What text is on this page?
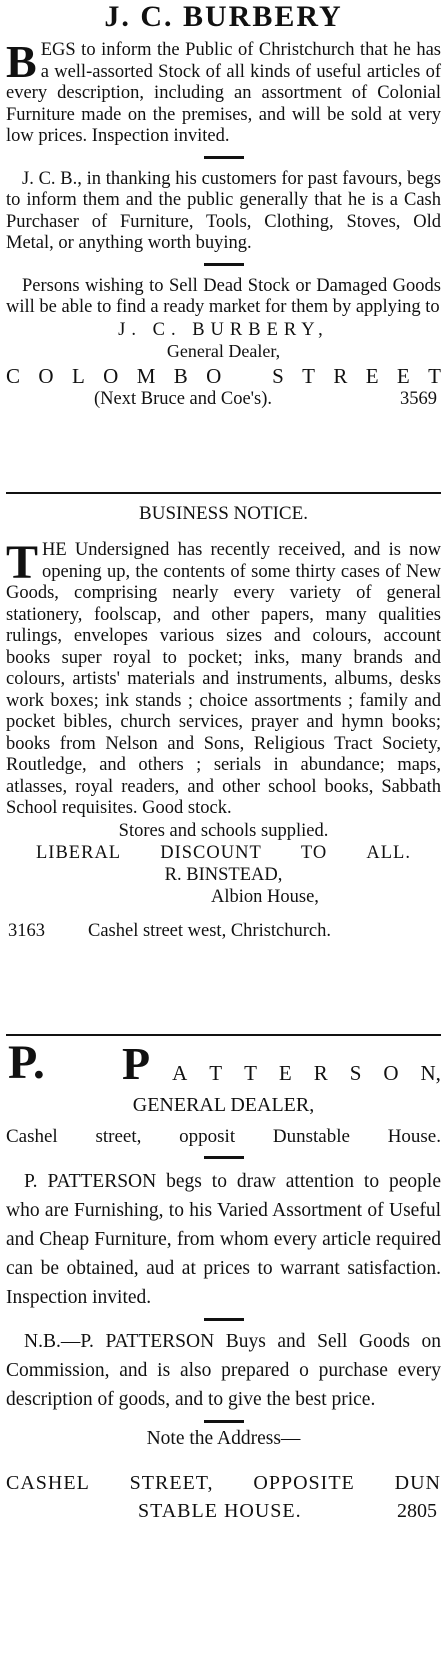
J. C. BURBERY

BEGS to inform the Public of Christchurch that he has a well-assorted Stock of all kinds of useful articles of every description, including an assortment of Colonial Furniture made on the premises, and will be sold at very low prices. Inspection invited.

J. C. B., in thanking his customers for past favours, begs to inform them and the public generally that he is a Cash Purchaser of Furniture, Tools, Clothing, Stoves, Old Metal, or anything worth buying.

Persons wishing to Sell Dead Stock or Damaged Goods will be able to find a ready market for them by applying to

J. C. BURBERY,
General Dealer,
C O L O M B O S T R E E T
(Next Bruce and Coe's).	3569
BUSINESS NOTICE.

THE Undersigned has recently received, and is now opening up, the contents of some thirty cases of New Goods, comprising nearly every variety of general stationery, foolscap, and other papers, many qualities rulings, envelopes various sizes and colours, account books super royal to pocket; inks, many brands and colours, artists' materials and instruments, albums, desks work boxes; ink stands ; choice assortments ; family and pocket bibles, church services, prayer and hymn books; books from Nelson and Sons, Religious Tract Society, Routledge, and others ; serials in abundance; maps, atlasses, royal readers, and other school books, Sabbath School requisites. Good stock.

Stores and schools supplied.
LIBERAL DISCOUNT TO ALL.
R. BINSTEAD,
Albion House,
3163 Cashel street west, Christchurch.
P. P A T T E R S O N,
GENERAL DEALER,
Cashel street, opposit Dunstable House.

P. PATTERSON begs to draw attention to people who are Furnishing, to his Varied Assortment of Useful and Cheap Furniture, from whom every article required can be obtained, aud at prices to warrant satisfaction. Inspection invited.

N.B.—P. PATTERSON Buys and Sell Goods on Commission, and is also prepared o purchase every description of goods, and to give the best price.

Note the Address—
CASHEL STREET, OPPOSITE DUN
STABLE HOUSE.	2805
